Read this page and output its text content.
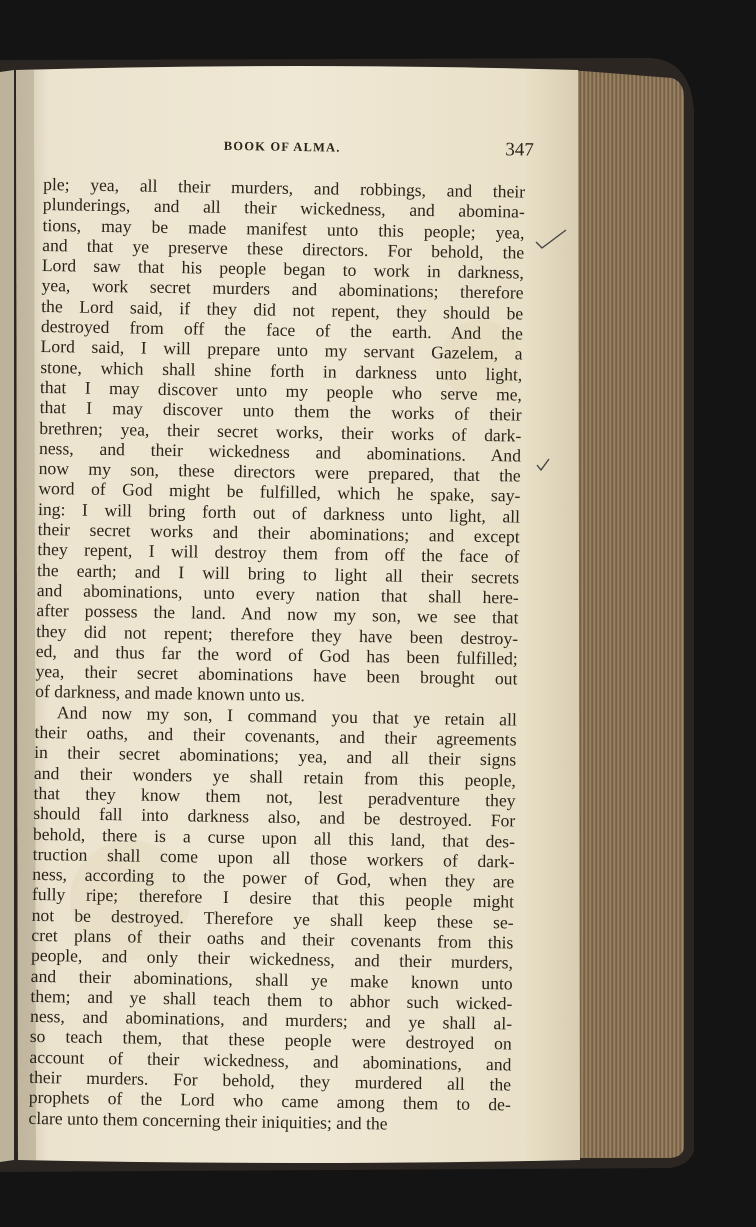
BOOK OF ALMA.	347
ple; yea, all their murders, and robbings, and their
plunderings, and all their wickedness, and abomina-
tions, may be made manifest unto this people; yea,
and that ye preserve these directors. For behold, the
Lord saw that his people began to work in darkness,
yea, work secret murders and abominations; therefore
the Lord said, if they did not repent, they should be
destroyed from off the face of the earth. And the
Lord said, I will prepare unto my servant Gazelem, a
stone, which shall shine forth in darkness unto light,
that I may discover unto my people who serve me,
that I may discover unto them the works of their
brethren; yea, their secret works, their works of dark-
ness, and their wickedness and abominations. And
now my son, these directors were prepared, that the
word of God might be fulfilled, which he spake, say-
ing: I will bring forth out of darkness unto light, all
their secret works and their abominations; and except
they repent, I will destroy them from off the face of
the earth; and I will bring to light all their secrets
and abominations, unto every nation that shall here-
after possess the land. And now my son, we see that
they did not repent; therefore they have been destroy-
ed, and thus far the word of God has been fulfilled;
yea, their secret abominations have been brought out
of darkness, and made known unto us.
And now my son, I command you that ye retain all
their oaths, and their covenants, and their agreements
in their secret abominations; yea, and all their signs
and their wonders ye shall retain from this people,
that they know them not, lest peradventure they
should fall into darkness also, and be destroyed. For
behold, there is a curse upon all this land, that des-
truction shall come upon all those workers of dark-
ness, according to the power of God, when they are
fully ripe; therefore I desire that this people might
not be destroyed. Therefore ye shall keep these se-
cret plans of their oaths and their covenants from this
people, and only their wickedness, and their murders,
and their abominations, shall ye make known unto
them; and ye shall teach them to abhor such wicked-
ness, and abominations, and murders; and ye shall al-
so teach them, that these people were destroyed on
account of their wickedness, and abominations, and
their murders. For behold, they murdered all the
prophets of the Lord who came among them to de-
clare unto them concerning their iniquities; and the
